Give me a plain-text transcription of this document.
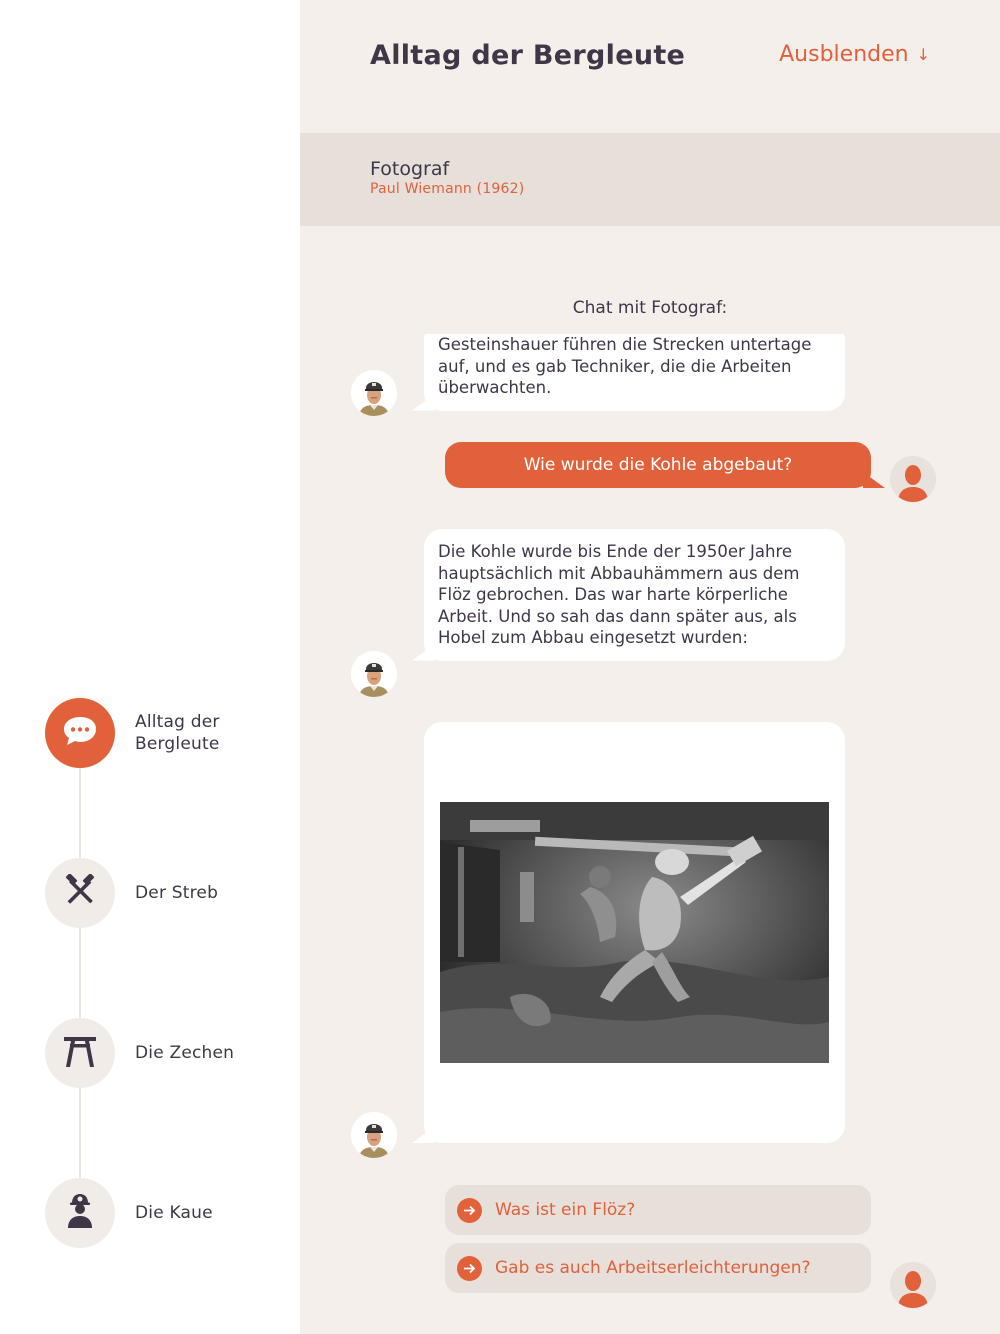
Alltag der Bergleute
Der Streb
Die Zechen
Die Kaue
Alltag der Bergleute	Ausblenden ↓
Fotograf
Paul Wiemann (1962)
Chat mit Fotograf:
Gesteinshauer führen die Strecken untertage auf, und es gab Techniker, die die Arbeiten überwachten.
Wie wurde die Kohle abgebaut?
Die Kohle wurde bis Ende der 1950er Jahre hauptsächlich mit Abbauhämmern aus dem Flöz gebrochen. Das war harte körperliche Arbeit. Und so sah das dann später aus, als Hobel zum Abbau eingesetzt wurden:
Was ist ein Flöz?
Gab es auch Arbeitserleichterungen?
